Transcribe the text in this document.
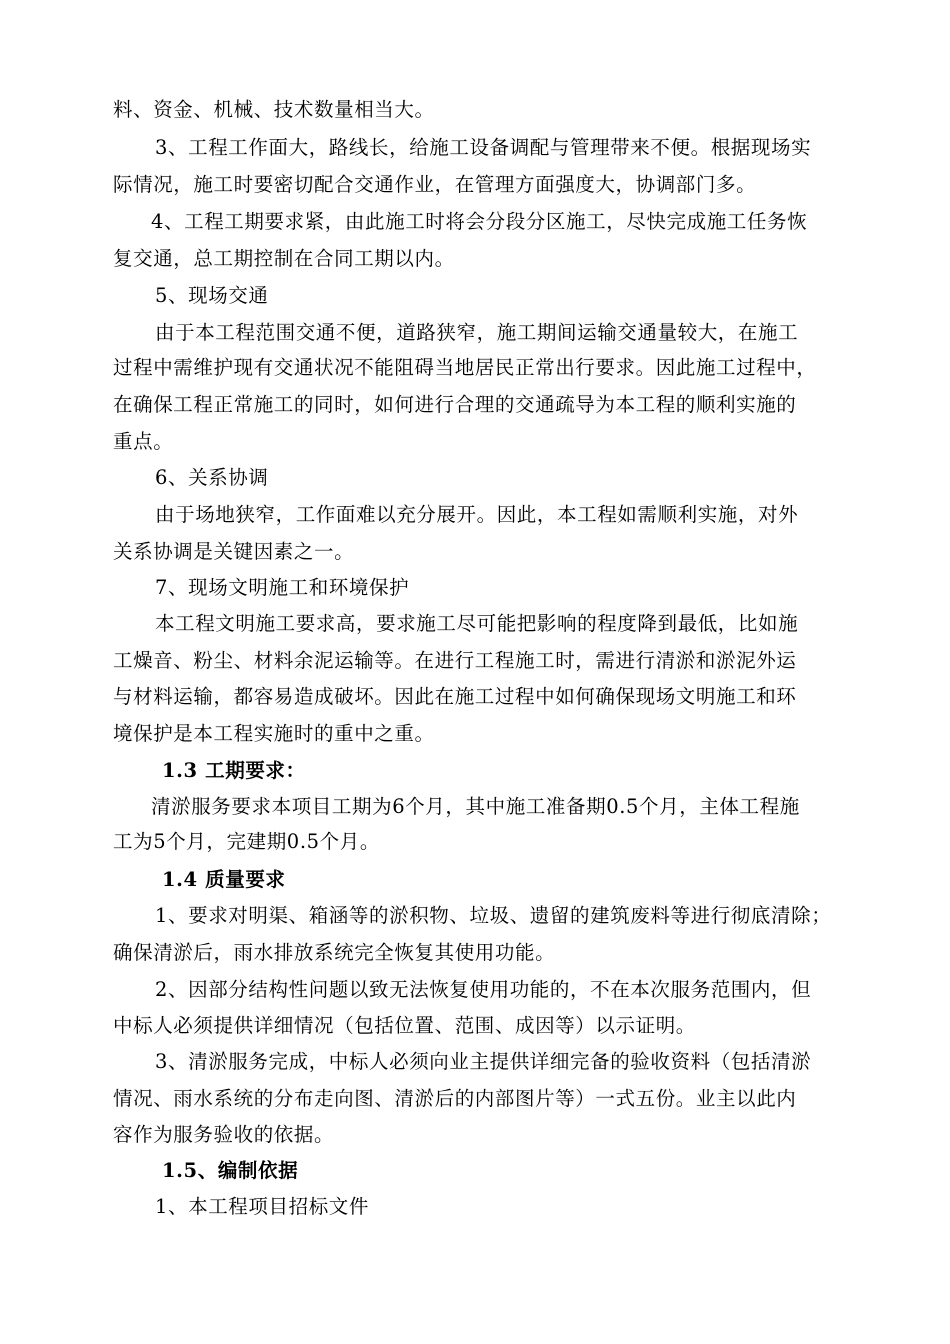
料、资金、机械、技术数量相当大。
3、工程工作面大，路线长，给施工设备调配与管理带来不便。根据现场实
际情况，施工时要密切配合交通作业，在管理方面强度大，协调部门多。
4、工程工期要求紧，由此施工时将会分段分区施工，尽快完成施工任务恢
复交通，总工期控制在合同工期以内。
5、现场交通
由于本工程范围交通不便，道路狭窄，施工期间运输交通量较大，在施工
过程中需维护现有交通状况不能阻碍当地居民正常出行要求。因此施工过程中，
在确保工程正常施工的同时，如何进行合理的交通疏导为本工程的顺利实施的
重点。
6、关系协调
由于场地狭窄，工作面难以充分展开。因此，本工程如需顺利实施，对外
关系协调是关键因素之一。
7、现场文明施工和环境保护
本工程文明施工要求高，要求施工尽可能把影响的程度降到最低，比如施
工燥音、粉尘、材料余泥运输等。在进行工程施工时，需进行清淤和淤泥外运
与材料运输，都容易造成破坏。因此在施工过程中如何确保现场文明施工和环
境保护是本工程实施时的重中之重。
1.3 工期要求：
清淤服务要求本项目工期为6个月，其中施工准备期0.5个月，主体工程施
工为5个月，完建期0.5个月。
1.4 质量要求
1、要求对明渠、箱涵等的淤积物、垃圾、遗留的建筑废料等进行彻底清除；
确保清淤后，雨水排放系统完全恢复其使用功能。
2、因部分结构性问题以致无法恢复使用功能的，不在本次服务范围内，但
中标人必须提供详细情况（包括位置、范围、成因等）以示证明。
3、清淤服务完成，中标人必须向业主提供详细完备的验收资料（包括清淤
情况、雨水系统的分布走向图、清淤后的内部图片等）一式五份。业主以此内
容作为服务验收的依据。
1.5、编制依据
1、本工程项目招标文件
